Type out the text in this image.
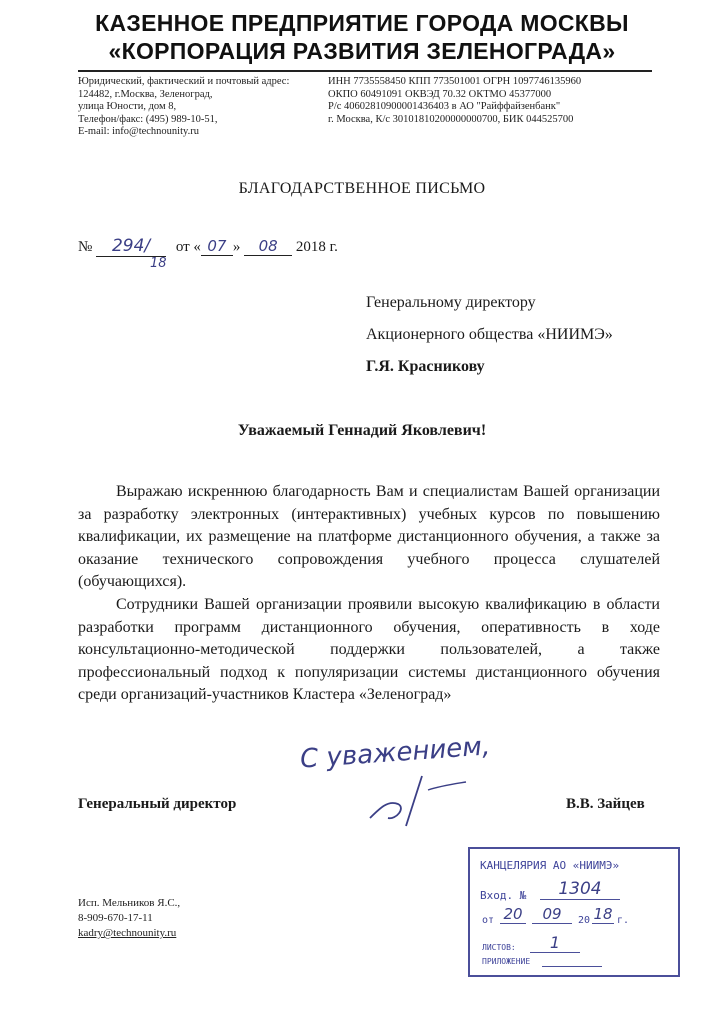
КАЗЕННОЕ ПРЕДПРИЯТИЕ ГОРОДА МОСКВЫ
«КОРПОРАЦИЯ РАЗВИТИЯ ЗЕЛЕНОГРАДА»
Юридический, фактический и почтовый адрес:
124482, г.Москва, Зеленоград,
улица Юности, дом 8,
Телефон/факс: (495) 989-10-51,
E-mail: info@technounity.ru
ИНН 7735558450 КПП 773501001 ОГРН 1097746135960
ОКПО 60491091 ОКВЭД 70.32 ОКТМО 45377000
Р/с 40602810900001436403 в АО "Райффайзенбанк"
г. Москва, К/с 30101810200000000700, БИК 044525700
БЛАГОДАРСТВЕННОЕ ПИСЬМО
№ 294/ от « 07 » 08 2018 г.
18
Генеральному директору
Акционерного общества «НИИМЭ»
Г.Я. Красникову
Уважаемый Геннадий Яковлевич!

Выражаю искреннюю благодарность Вам и специалистам Вашей организации за разработку электронных (интерактивных) учебных курсов по повышению квалификации, их размещение на платформе дистанционного обучения, а также за оказание технического сопровождения учебного процесса слушателей (обучающихся).

Сотрудники Вашей организации проявили высокую квалификацию в области разработки программ дистанционного обучения, оперативность в ходе консультационно-методической поддержки пользователей, а также профессиональный подход к популяризации системы дистанционного обучения среди организаций-участников Кластера «Зеленоград»

С уважением,
Генеральный директор	В.В. Зайцев
Исп. Мельников Я.С.,
8-909-670-17-11
kadry@technounity.ru
КАНЦЕЛЯРИЯ АО «НИИМЭ»
Вход. №	1304
от 20	09	20 18 г.
ЛИСТОВ:	1
ПРИЛОЖЕНИЕ
